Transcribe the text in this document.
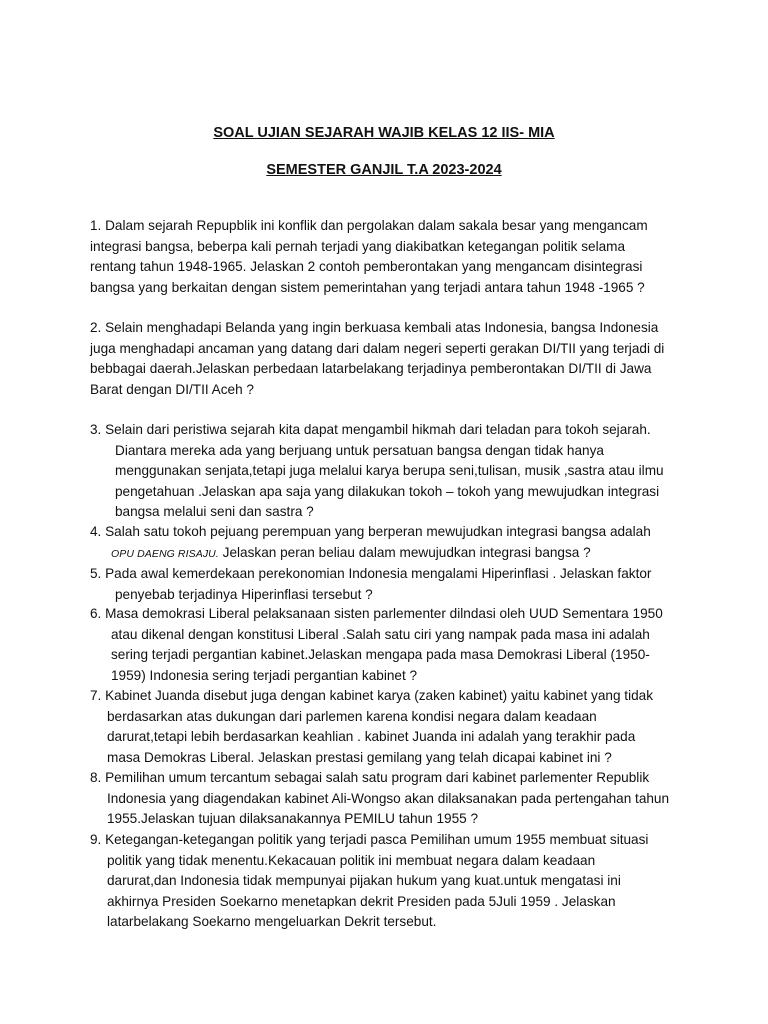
SOAL UJIAN SEJARAH WAJIB KELAS 12 IIS- MIA
SEMESTER GANJIL T.A 2023-2024
1. Dalam sejarah Repupblik ini konflik dan pergolakan dalam sakala besar yang mengancam
integrasi bangsa, beberpa kali pernah terjadi yang diakibatkan ketegangan politik selama
rentang tahun 1948-1965. Jelaskan 2 contoh pemberontakan yang mengancam disintegrasi
bangsa yang berkaitan dengan sistem pemerintahan yang terjadi antara tahun 1948 -1965 ?
2. Selain menghadapi Belanda yang ingin berkuasa kembali atas Indonesia, bangsa Indonesia
juga menghadapi ancaman yang datang dari dalam negeri seperti gerakan DI/TII yang terjadi di
bebbagai daerah.Jelaskan perbedaan latarbelakang terjadinya pemberontakan DI/TII di Jawa
Barat dengan DI/TII Aceh ?
3. Selain dari peristiwa sejarah kita dapat mengambil hikmah dari teladan para tokoh sejarah.
Diantara mereka ada yang berjuang untuk persatuan bangsa dengan tidak hanya
menggunakan senjata,tetapi juga melalui karya berupa seni,tulisan, musik ,sastra atau ilmu
pengetahuan .Jelaskan apa saja yang dilakukan tokoh – tokoh yang mewujudkan integrasi
bangsa melalui seni dan sastra ?
4. Salah satu tokoh pejuang perempuan yang berperan mewujudkan integrasi bangsa adalah
OPU DAENG RISAJU. Jelaskan peran beliau dalam mewujudkan integrasi bangsa ?
5. Pada awal kemerdekaan perekonomian Indonesia mengalami Hiperinflasi . Jelaskan faktor
penyebab terjadinya Hiperinflasi tersebut ?
6. Masa demokrasi Liberal pelaksanaan sisten parlementer dilndasi oleh UUD Sementara 1950
atau dikenal dengan konstitusi Liberal .Salah satu ciri yang nampak pada masa ini adalah
sering terjadi pergantian kabinet.Jelaskan mengapa pada masa Demokrasi Liberal (1950-
1959) Indonesia sering terjadi pergantian kabinet ?
7. Kabinet Juanda disebut juga dengan kabinet karya (zaken kabinet) yaitu kabinet yang tidak
berdasarkan atas dukungan dari parlemen karena kondisi negara dalam keadaan
darurat,tetapi lebih berdasarkan keahlian . kabinet Juanda ini adalah yang terakhir pada
masa Demokras Liberal. Jelaskan prestasi gemilang yang telah dicapai kabinet ini ?
8. Pemilihan umum tercantum sebagai salah satu program dari kabinet parlementer Republik
Indonesia yang diagendakan kabinet Ali-Wongso akan dilaksanakan pada pertengahan tahun
1955.Jelaskan tujuan dilaksanakannya PEMILU tahun 1955 ?
9. Ketegangan-ketegangan politik yang terjadi pasca Pemilihan umum 1955 membuat situasi
politik yang tidak menentu.Kekacauan politik ini membuat negara dalam keadaan
darurat,dan Indonesia tidak mempunyai pijakan hukum yang kuat.untuk mengatasi ini
akhirnya Presiden Soekarno menetapkan dekrit Presiden pada 5Juli 1959 . Jelaskan
latarbelakang Soekarno mengeluarkan Dekrit tersebut.
